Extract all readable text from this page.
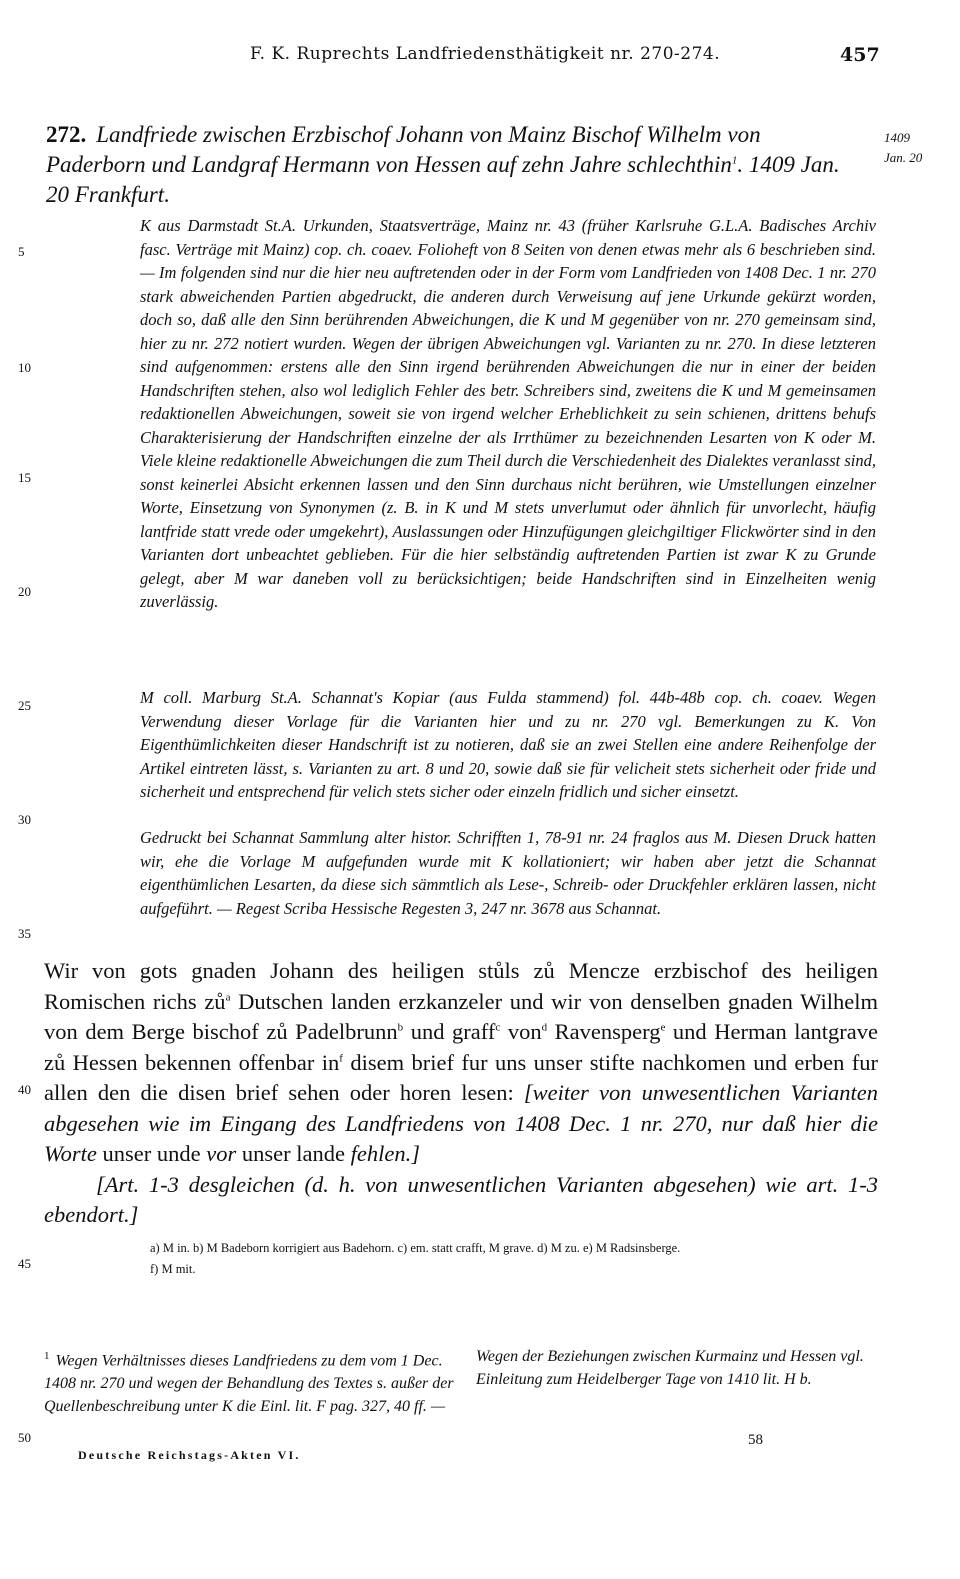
F. K. Ruprechts Landfriedensthätigkeit nr. 270-274.	457
5
10
15
20
25
30
35
40
45
50
272. Landfriede zwischen Erzbischof Johann von Mainz Bischof Wilhelm von Paderborn und Landgraf Hermann von Hessen auf zehn Jahre schlechthin$^1$. 1409 Jan. 20 Frankfurt.
1409
Jan. 20
K aus Darmstadt St.A. Urkunden, Staatsverträge, Mainz nr. 43 (früher Karlsruhe G.L.A. Badisches Archiv fasc. Verträge mit Mainz) cop. ch. coaev. Folioheft von 8 Seiten von denen etwas mehr als 6 beschrieben sind. — Im folgenden sind nur die hier neu auftretenden oder in der Form vom Landfrieden von 1408 Dec. 1 nr. 270 stark abweichenden Partien abgedruckt, die anderen durch Verweisung auf jene Urkunde gekürzt worden, doch so, daß alle den Sinn berührenden Abweichungen, die K und M gegenüber von nr. 270 gemeinsam sind, hier zu nr. 272 notiert wurden. Wegen der übrigen Abweichungen vgl. Varianten zu nr. 270. In diese letzteren sind aufgenommen: erstens alle den Sinn irgend berührenden Abweichungen die nur in einer der beiden Handschriften stehen, also wol lediglich Fehler des betr. Schreibers sind, zweitens die K und M gemeinsamen redaktionellen Abweichungen, soweit sie von irgend welcher Erheblichkeit zu sein schienen, drittens behufs Charakterisierung der Handschriften einzelne der als Irrthümer zu bezeichnenden Lesarten von K oder M. Viele kleine redaktionelle Abweichungen die zum Theil durch die Verschiedenheit des Dialektes veranlasst sind, sonst keinerlei Absicht erkennen lassen und den Sinn durchaus nicht berühren, wie Umstellungen einzelner Worte, Einsetzung von Synonymen (z. B. in K und M stets unverlumut oder ähnlich für unvorlecht, häufig lantfride statt vrede oder umgekehrt), Auslassungen oder Hinzufügungen gleichgiltiger Flickwörter sind in den Varianten dort unbeachtet geblieben. Für die hier selbständig auftretenden Partien ist zwar K zu Grunde gelegt, aber M war daneben voll zu berücksichtigen; beide Handschriften sind in Einzelheiten wenig zuverlässig.
M coll. Marburg St.A. Schannat's Kopiar (aus Fulda stammend) fol. 44b-48b cop. ch. coaev. Wegen Verwendung dieser Vorlage für die Varianten hier und zu nr. 270 vgl. Bemerkungen zu K. Von Eigenthümlichkeiten dieser Handschrift ist zu notieren, daß sie an zwei Stellen eine andere Reihenfolge der Artikel eintreten lässt, s. Varianten zu art. 8 und 20, sowie daß sie für velicheit stets sicherheit oder fride und sicherheit und entsprechend für velich stets sicher oder einzeln fridlich und sicher einsetzt.
Gedruckt bei Schannat Sammlung alter histor. Schrifften 1, 78-91 nr. 24 fraglos aus M. Diesen Druck hatten wir, ehe die Vorlage M aufgefunden wurde mit K kollationiert; wir haben aber jetzt die Schannat eigenthümlichen Lesarten, da diese sich sämmtlich als Lese-, Schreib- oder Druckfehler erklären lassen, nicht aufgeführt. — Regest Scriba Hessische Regesten 3, 247 nr. 3678 aus Schannat.
Wir von gots gnaden Johann des heiligen stůls zů Mencze erzbischof des heiligen Romischen richs $zů^a$ Dutschen landen erzkanzeler und wir von denselben gnaden Wilhelm von dem Berge bischof zů Padelbrunn$^b$ und graff$^c$ von$^d$ Ravensperg$^e$ und Herman lantgrave zů Hessen bekennen offenbar $in^f$ disem brief fur uns unser stifte nachkomen und erben fur allen den die disen brief sehen oder horen lesen: [weiter von unwesentlichen Varianten abgesehen wie im Eingang des Landfriedens von 1408 Dec. 1 nr. 270, nur daß hier die Worte unser unde vor unser lande fehlen.]
[Art. 1-3 desgleichen (d. h. von unwesentlichen Varianten abgesehen) wie art. 1-3 ebendort.]
a) M in. b) M Badeborn korrigiert aus Badehorn. c) em. statt crafft, M grave. d) M zu. e) M Radsinsberge.
f) M mit.
$^1$ Wegen Verhältnisses dieses Landfriedens zu dem vom 1 Dec. 1408 nr. 270 und wegen der Behandlung des Textes s. außer der Quellenbeschreibung unter K die Einl. lit. F pag. 327, 40 ff. —
Wegen der Beziehungen zwischen Kurmainz und Hessen vgl. Einleitung zum Heidelberger Tage von 1410 lit. H b.
58
Deutsche Reichstags-Akten VI.
